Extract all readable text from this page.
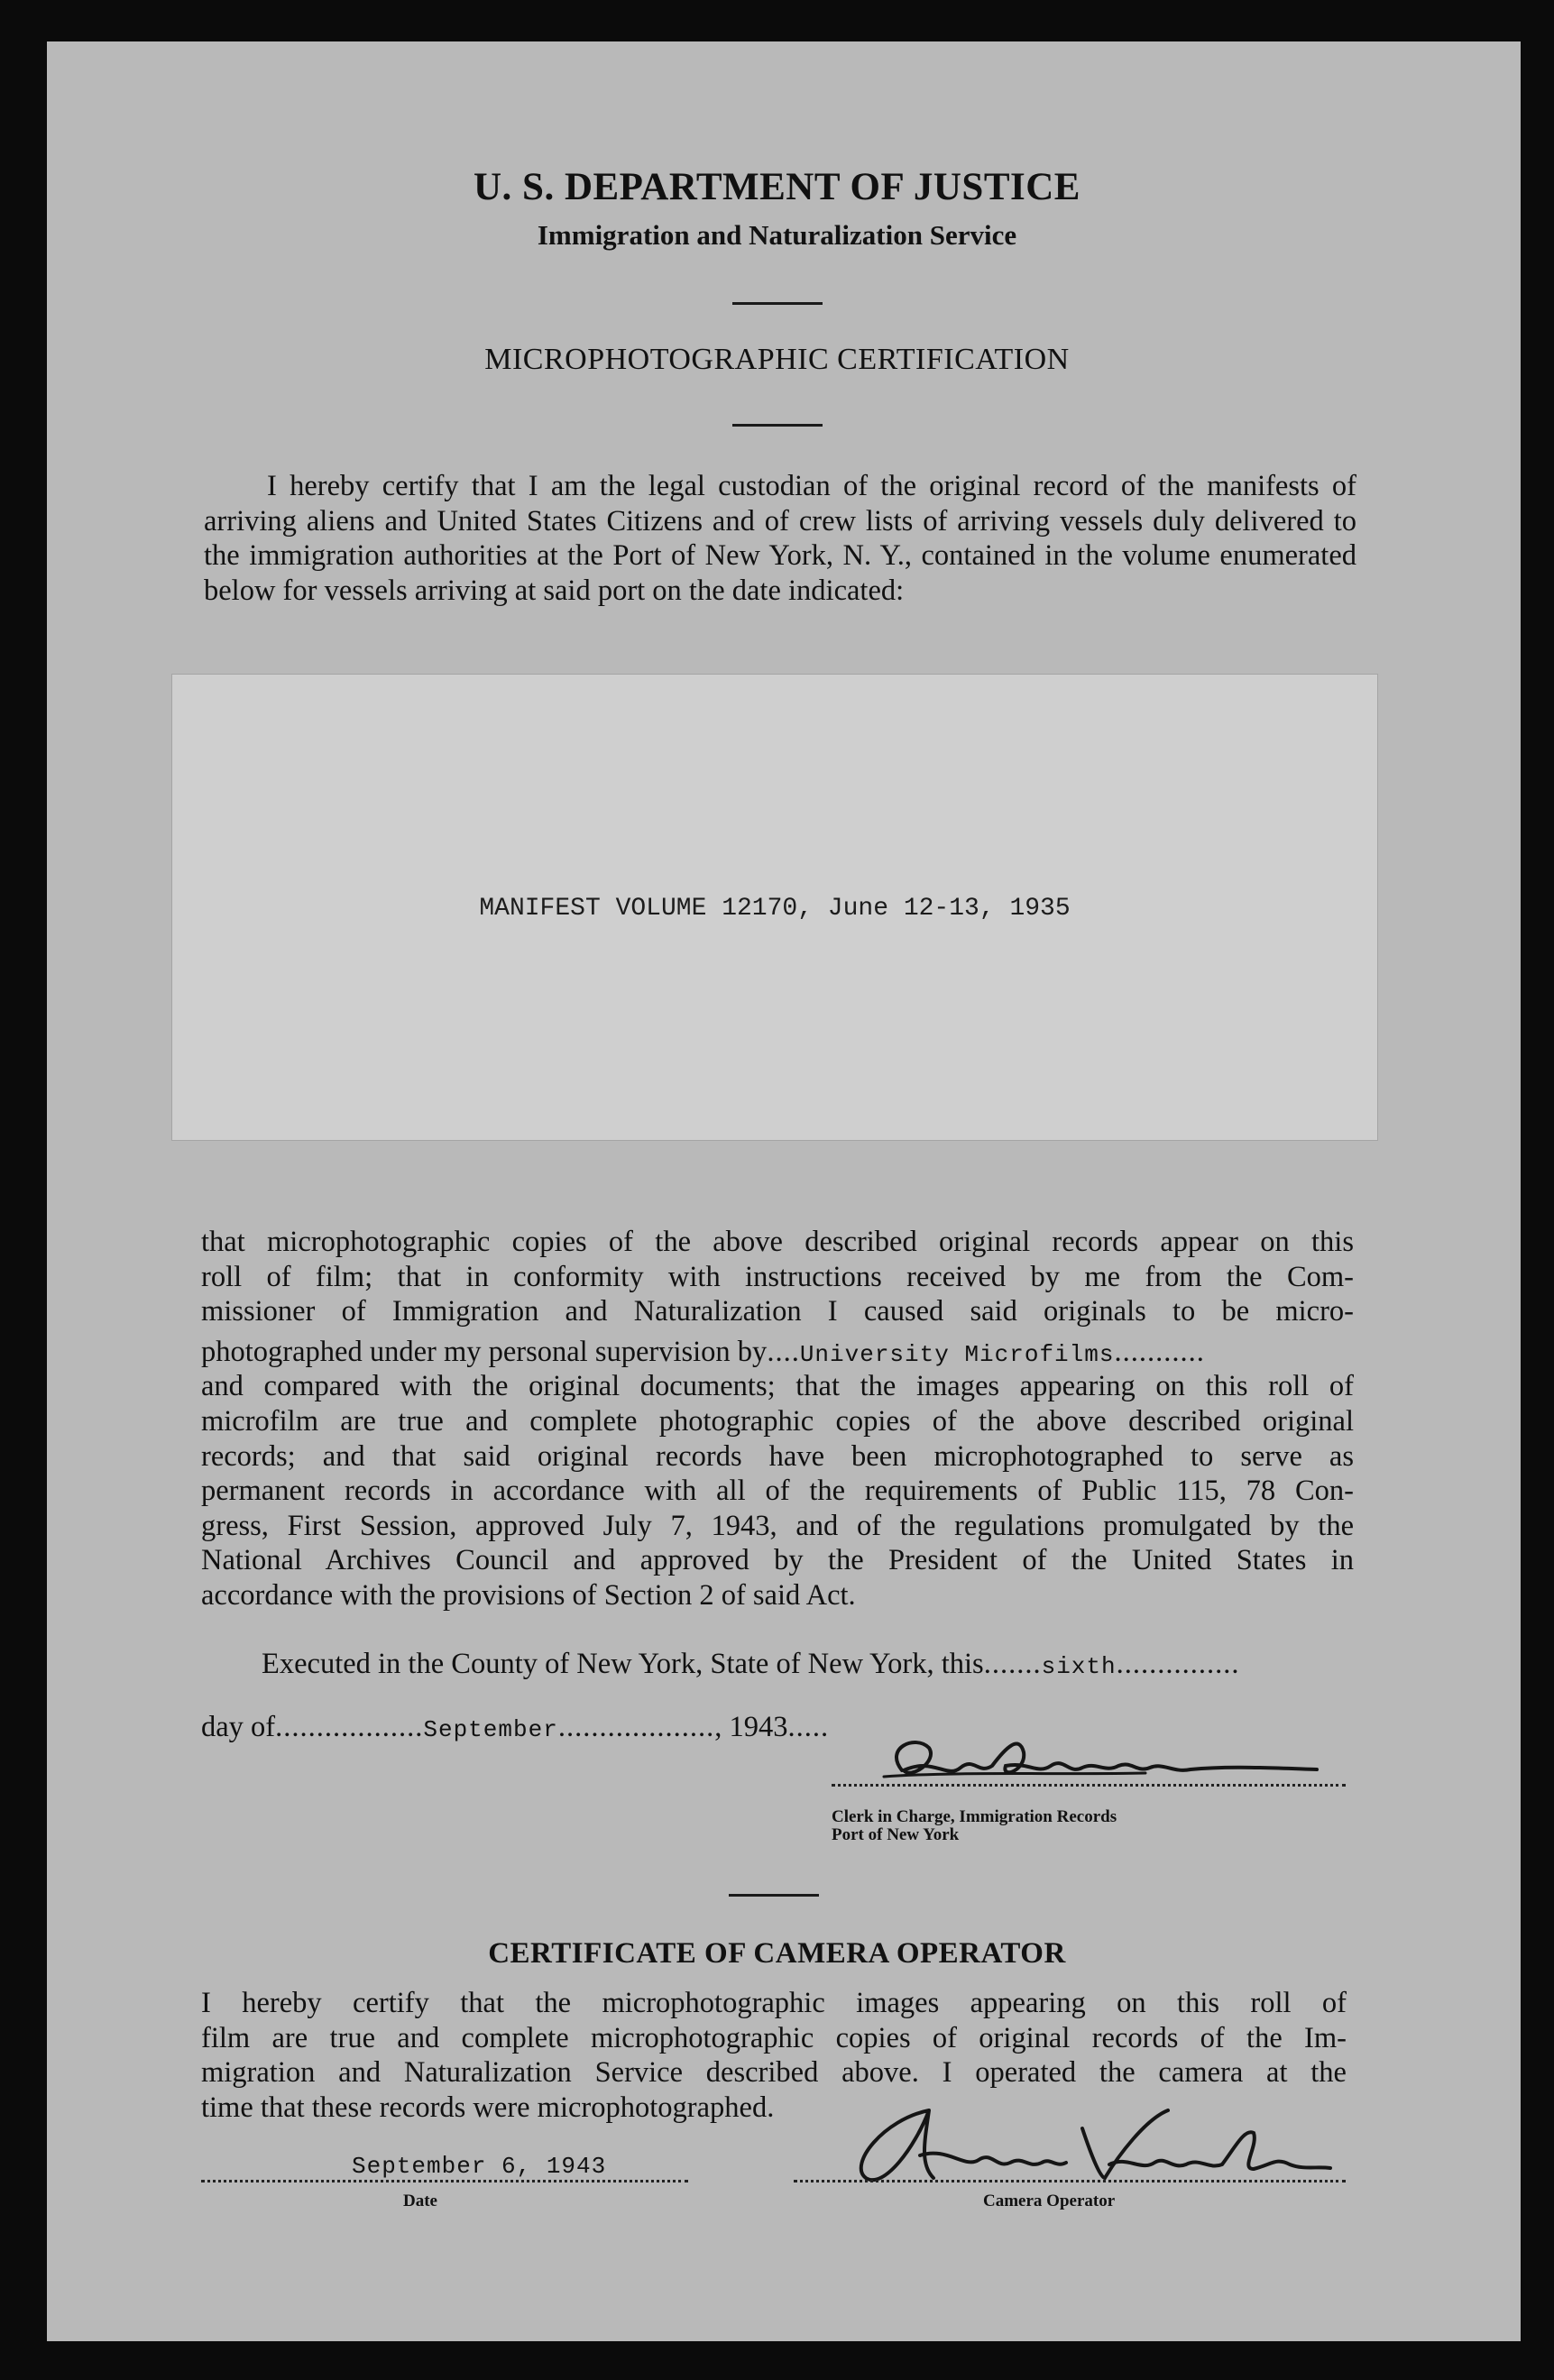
U. S. DEPARTMENT OF JUSTICE
Immigration and Naturalization Service
MICROPHOTOGRAPHIC CERTIFICATION
I hereby certify that I am the legal custodian of the original record of the manifests of arriving aliens and United States Citizens and of crew lists of arriving vessels duly delivered to the immigration authorities at the Port of New York, N. Y., contained in the volume enumerated below for vessels arriving at said port on the date indicated:
MANIFEST VOLUME 12170, June 12-13, 1935
that microphotographic copies of the above described original records appear on this
roll of film; that in conformity with instructions received by me from the Com-
missioner of Immigration and Naturalization I caused said originals to be micro-
photographed under my personal supervision by....University Microfilms...........
and compared with the original documents; that the images appearing on this roll of
microfilm are true and complete photographic copies of the above described original
records; and that said original records have been microphotographed to serve as
permanent records in accordance with all of the requirements of Public 115, 78 Con-
gress, First Session, approved July 7, 1943, and of the regulations promulgated by the
National Archives Council and approved by the President of the United States in
accordance with the provisions of Section 2 of said Act.
Executed in the County of New York, State of New York, this.......sixth...............
day of..................September..................., 1943.....
Clerk in Charge, Immigration Records
Port of New York
CERTIFICATE OF CAMERA OPERATOR
I hereby certify that the microphotographic images appearing on this roll of
film are true and complete microphotographic copies of original records of the Im-
migration and Naturalization Service described above. I operated the camera at the
time that these records were microphotographed.
September 6, 1943
Date	Camera Operator
